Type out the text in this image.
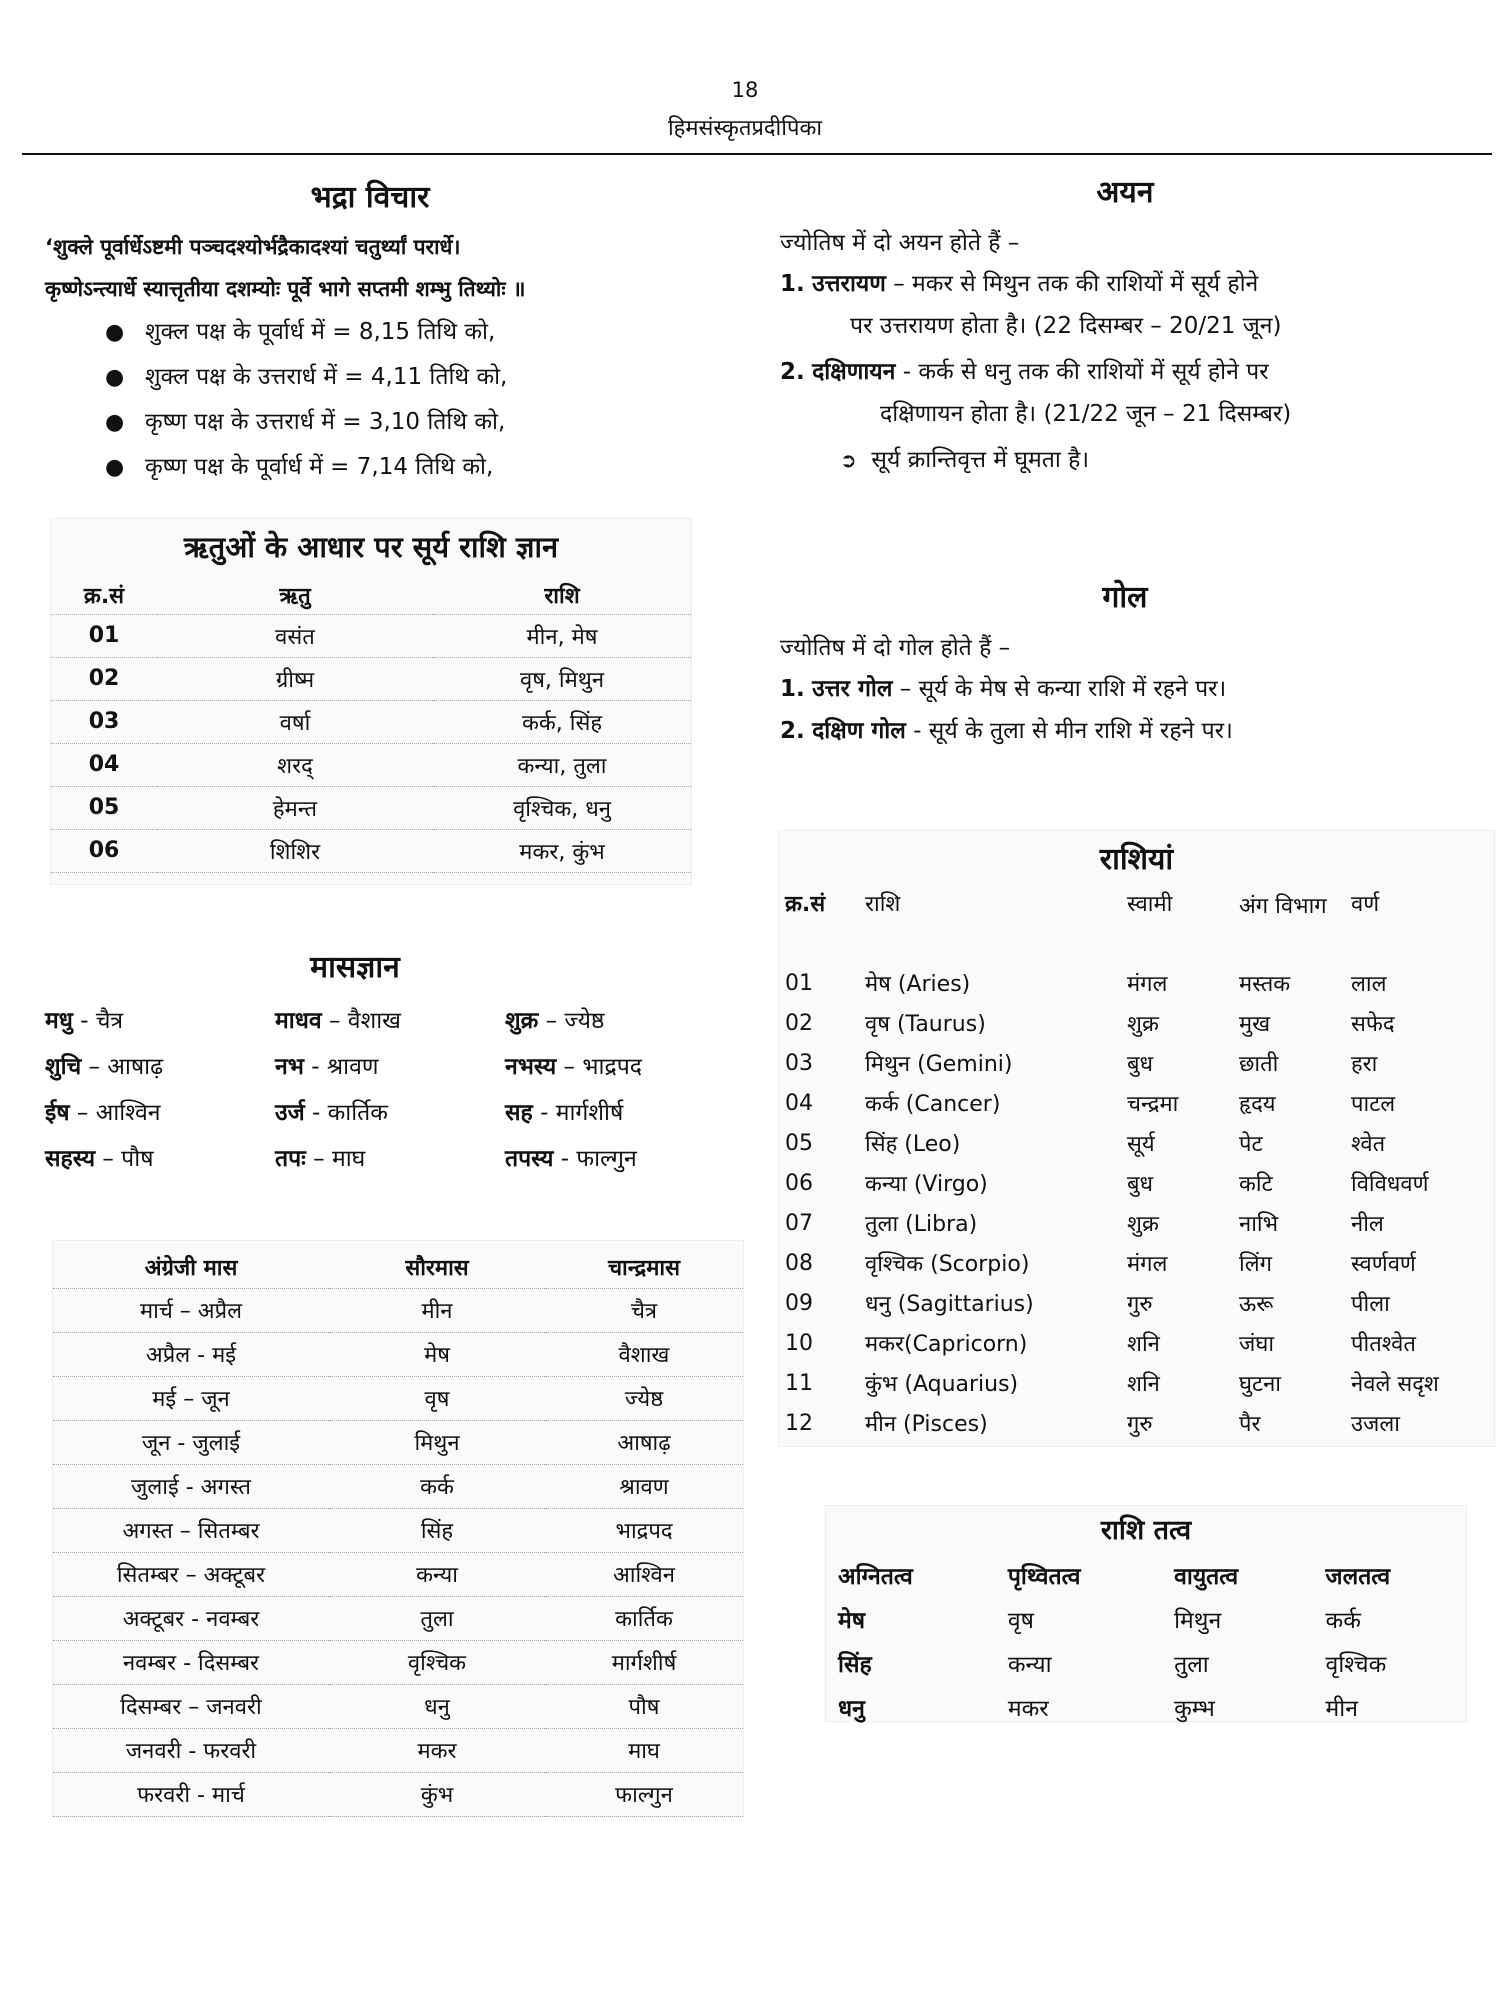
18
हिमसंस्कृतप्रदीपिका
भद्रा विचार
‘शुक्ले पूर्वार्धेऽष्टमी पञ्चदश्योर्भद्रैकादश्यां चतुर्थ्यां परार्धे।
कृष्णेऽन्त्यार्धे स्यात्तृतीया दशम्योः पूर्वे भागे सप्तमी शम्भु तिथ्योः ॥
● शुक्ल पक्ष के पूर्वार्ध में = 8,15 तिथि को,
● शुक्ल पक्ष के उत्तरार्ध में = 4,11 तिथि को,
● कृष्ण पक्ष के उत्तरार्ध में = 3,10 तिथि को,
● कृष्ण पक्ष के पूर्वार्ध में = 7,14 तिथि को,
ऋतुओं के आधार पर सूर्य राशि ज्ञान
क्र.सं	ऋतु	राशि
01	वसंत	मीन, मेष
02	ग्रीष्म	वृष, मिथुन
03	वर्षा	कर्क, सिंह
04	शरद्	कन्या, तुला
05	हेमन्त	वृश्चिक, धनु
06	शिशिर	मकर, कुंभ
मासज्ञान
मधु - चैत्र	माधव – वैशाख	शुक्र – ज्येष्ठ
शुचि – आषाढ़	नभ - श्रावण	नभस्य – भाद्रपद
ईष – आश्विन	उर्ज - कार्तिक	सह - मार्गशीर्ष
सहस्य – पौष	तपः – माघ	तपस्य - फाल्गुन
अंग्रेजी मास	सौरमास	चान्द्रमास
मार्च – अप्रैल	मीन	चैत्र
अप्रैल - मई	मेष	वैशाख
मई – जून	वृष	ज्येष्ठ
जून - जुलाई	मिथुन	आषाढ़
जुलाई - अगस्त	कर्क	श्रावण
अगस्त – सितम्बर	सिंह	भाद्रपद
सितम्बर – अक्टूबर	कन्या	आश्विन
अक्टूबर - नवम्बर	तुला	कार्तिक
नवम्बर - दिसम्बर	वृश्चिक	मार्गशीर्ष
दिसम्बर – जनवरी	धनु	पौष
जनवरी - फरवरी	मकर	माघ
फरवरी - मार्च	कुंभ	फाल्गुन
अयन
ज्योतिष में दो अयन होते हैं –
1. उत्तरायण – मकर से मिथुन तक की राशियों में सूर्य होने
पर उत्तरायण होता है। (22 दिसम्बर – 20/21 जून)
2. दक्षिणायन - कर्क से धनु तक की राशियों में सूर्य होने पर
दक्षिणायन होता है। (21/22 जून – 21 दिसम्बर)
➲ सूर्य क्रान्तिवृत्त में घूमता है।
गोल
ज्योतिष में दो गोल होते हैं –
1. उत्तर गोल – सूर्य के मेष से कन्या राशि में रहने पर।
2. दक्षिण गोल - सूर्य के तुला से मीन राशि में रहने पर।
राशियां
क्र.सं	राशि	स्वामी	अंग विभाग	वर्ण
01	मेष (Aries)	मंगल	मस्तक	लाल
02	वृष (Taurus)	शुक्र	मुख	सफेद
03	मिथुन (Gemini)	बुध	छाती	हरा
04	कर्क (Cancer)	चन्द्रमा	हृदय	पाटल
05	सिंह (Leo)	सूर्य	पेट	श्वेत
06	कन्या (Virgo)	बुध	कटि	विविधवर्ण
07	तुला (Libra)	शुक्र	नाभि	नील
08	वृश्चिक (Scorpio)	मंगल	लिंग	स्वर्णवर्ण
09	धनु (Sagittarius)	गुरु	ऊरू	पीला
10	मकर(Capricorn)	शनि	जंघा	पीतश्वेत
11	कुंभ (Aquarius)	शनि	घुटना	नेवले सदृश
12	मीन (Pisces)	गुरु	पैर	उजला
राशि तत्व
अग्नितत्व	पृथ्वितत्व	वायुतत्व	जलतत्व
मेष	वृष	मिथुन	कर्क
सिंह	कन्या	तुला	वृश्चिक
धनु	मकर	कुम्भ	मीन
